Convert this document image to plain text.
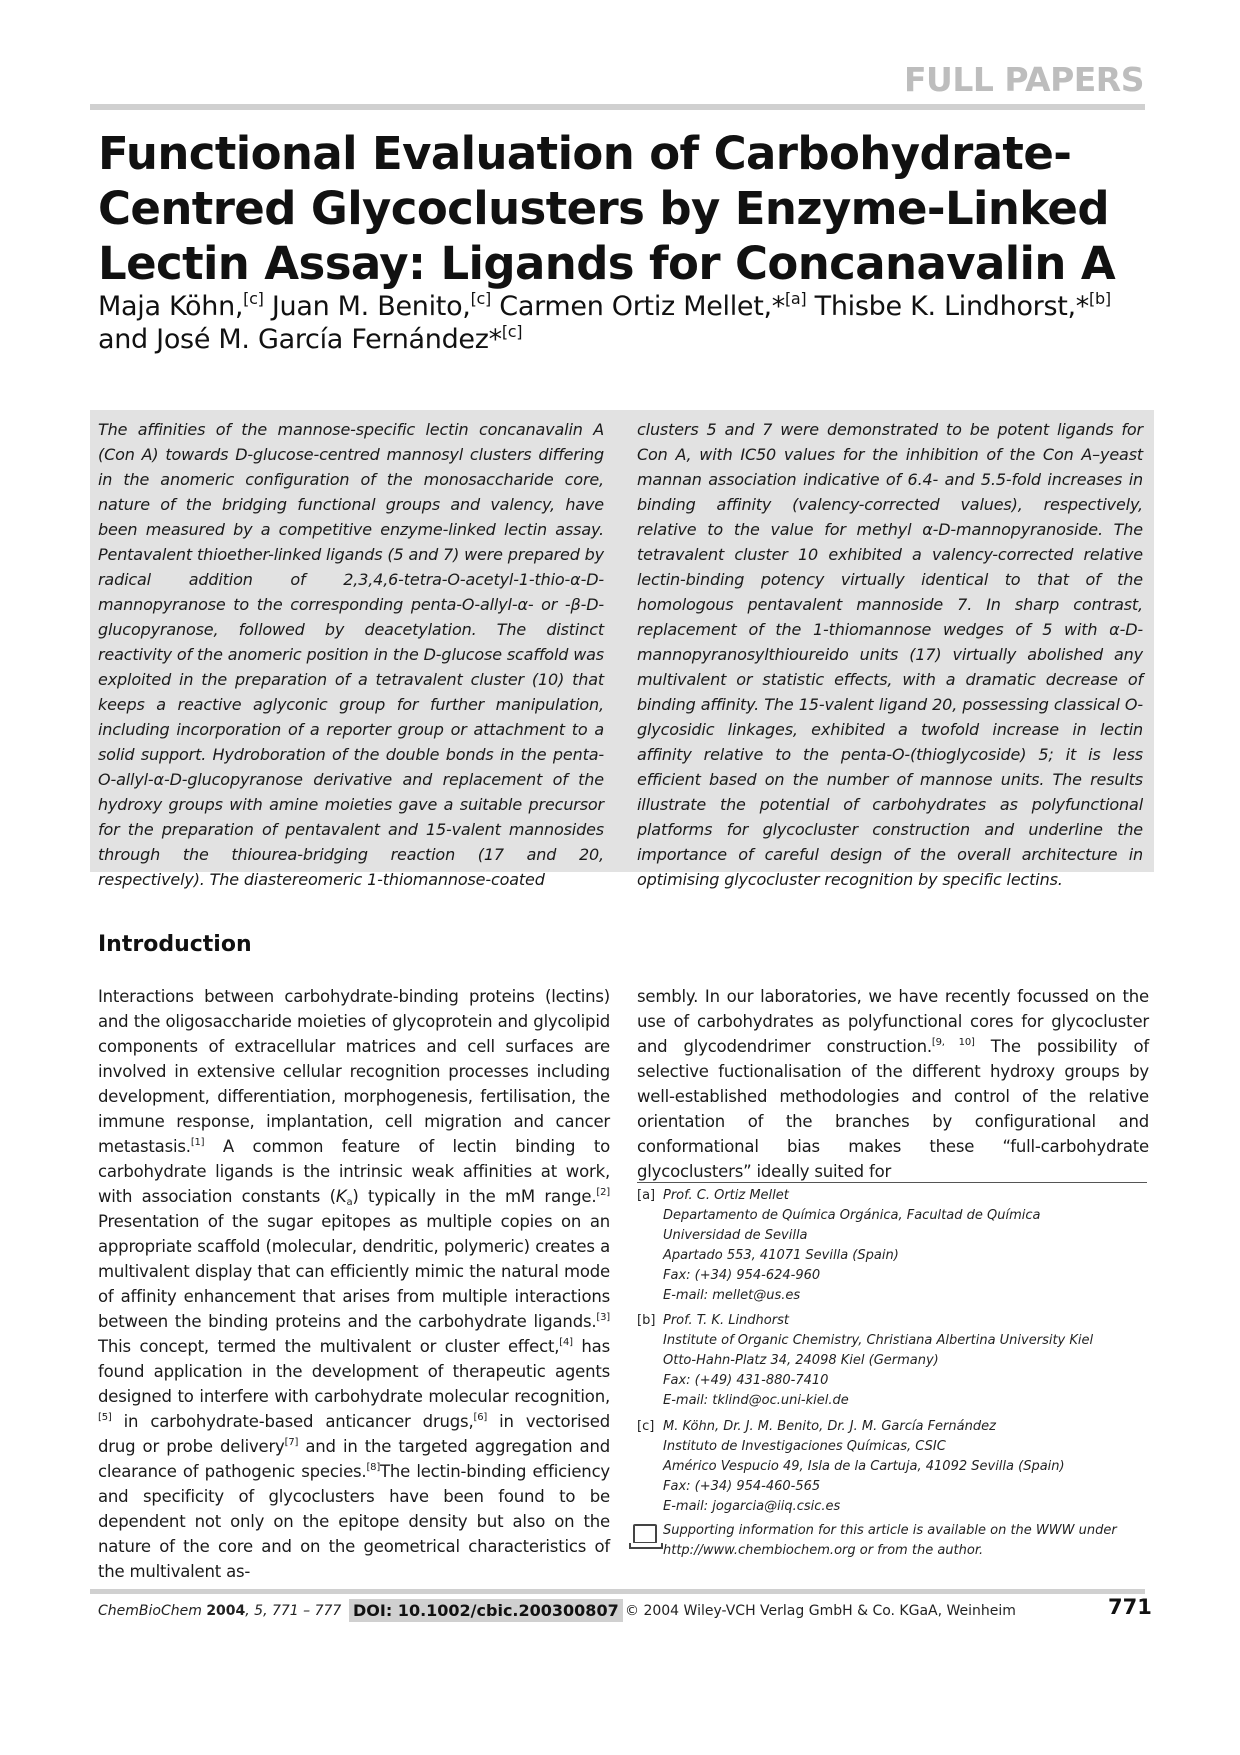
FULL PAPERS
Functional Evaluation of Carbohydrate-Centred Glycoclusters by Enzyme-Linked Lectin Assay: Ligands for Concanavalin A
Maja Köhn,[c] Juan M. Benito,[c] Carmen Ortiz Mellet,*[a] Thisbe K. Lindhorst,*[b]
and José M. García Fernández*[c]
The affinities of the mannose-specific lectin concanavalin A (Con A) towards D-glucose-centred mannosyl clusters differing in the anomeric configuration of the monosaccharide core, nature of the bridging functional groups and valency, have been measured by a competitive enzyme-linked lectin assay. Pentavalent thioether-linked ligands (5 and 7) were prepared by radical addition of 2,3,4,6-tetra-O-acetyl-1-thio-α-D-mannopyranose to the corresponding penta-O-allyl-α- or -β-D-glucopyranose, followed by deacetylation. The distinct reactivity of the anomeric position in the D-glucose scaffold was exploited in the preparation of a tetravalent cluster (10) that keeps a reactive aglyconic group for further manipulation, including incorporation of a reporter group or attachment to a solid support. Hydroboration of the double bonds in the penta-O-allyl-α-D-glucopyranose derivative and replacement of the hydroxy groups with amine moieties gave a suitable precursor for the preparation of pentavalent and 15-valent mannosides through the thiourea-bridging reaction (17 and 20, respectively). The diastereomeric 1-thiomannose-coated
clusters 5 and 7 were demonstrated to be potent ligands for Con A, with IC50 values for the inhibition of the Con A–yeast mannan association indicative of 6.4- and 5.5-fold increases in binding affinity (valency-corrected values), respectively, relative to the value for methyl α-D-mannopyranoside. The tetravalent cluster 10 exhibited a valency-corrected relative lectin-binding potency virtually identical to that of the homologous pentavalent mannoside 7. In sharp contrast, replacement of the 1-thiomannose wedges of 5 with α-D-mannopyranosylthioureido units (17) virtually abolished any multivalent or statistic effects, with a dramatic decrease of binding affinity. The 15-valent ligand 20, possessing classical O-glycosidic linkages, exhibited a twofold increase in lectin affinity relative to the penta-O-(thioglycoside) 5; it is less efficient based on the number of mannose units. The results illustrate the potential of carbohydrates as polyfunctional platforms for glycocluster construction and underline the importance of careful design of the overall architecture in optimising glycocluster recognition by specific lectins.
Introduction
Interactions between carbohydrate-binding proteins (lectins) and the oligosaccharide moieties of glycoprotein and glycolipid components of extracellular matrices and cell surfaces are involved in extensive cellular recognition processes including development, differentiation, morphogenesis, fertilisation, the immune response, implantation, cell migration and cancer metastasis.[1] A common feature of lectin binding to carbohydrate ligands is the intrinsic weak affinities at work, with association constants $(K_a)$ typically in the mM range.[2] Presentation of the sugar epitopes as multiple copies on an appropriate scaffold (molecular, dendritic, polymeric) creates a multivalent display that can efficiently mimic the natural mode of affinity enhancement that arises from multiple interactions between the binding proteins and the carbohydrate ligands.[3] This concept, termed the multivalent or cluster effect,[4] has found application in the development of therapeutic agents designed to interfere with carbohydrate molecular recognition,[5] in carbohydrate-based anticancer drugs,[6] in vectorised drug or probe delivery[7] and in the targeted aggregation and clearance of pathogenic species.[8]The lectin-binding efficiency and specificity of glycoclusters have been found to be dependent not only on the epitope density but also on the nature of the core and on the geometrical characteristics of the multivalent as-
sembly. In our laboratories, we have recently focussed on the use of carbohydrates as polyfunctional cores for glycocluster and glycodendrimer construction.[9, 10] The possibility of selective fuctionalisation of the different hydroxy groups by well-established methodologies and control of the relative orientation of the branches by configurational and conformational bias makes these “full-carbohydrate glycoclusters” ideally suited for
[a] Prof. C. Ortiz Mellet
Departamento de Química Orgánica, Facultad de Química
Universidad de Sevilla
Apartado 553, 41071 Sevilla (Spain)
Fax: (+34) 954-624-960
E-mail: mellet@us.es
[b] Prof. T. K. Lindhorst
Institute of Organic Chemistry, Christiana Albertina University Kiel
Otto-Hahn-Platz 34, 24098 Kiel (Germany)
Fax: (+49) 431-880-7410
E-mail: tklind@oc.uni-kiel.de
[c] M. Köhn, Dr. J. M. Benito, Dr. J. M. García Fernández
Instituto de Investigaciones Químicas, CSIC
Américo Vespucio 49, Isla de la Cartuja, 41092 Sevilla (Spain)
Fax: (+34) 954-460-565
E-mail: jogarcia@iiq.csic.es
Supporting information for this article is available on the WWW under http://www.chembiochem.org or from the author.
ChemBioChem 2004, 5, 771 – 777 DOI: 10.1002/cbic.200300807 © 2004 Wiley-VCH Verlag GmbH & Co. KGaA, Weinheim	771
